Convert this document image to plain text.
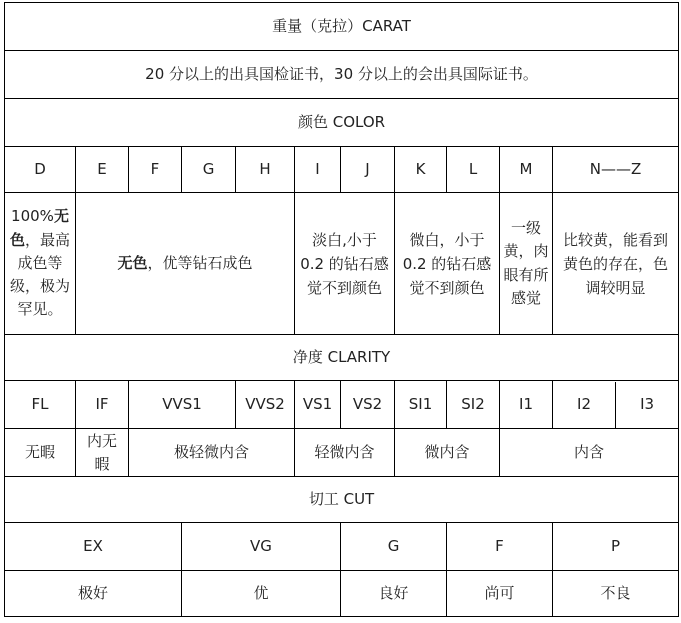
重量（克拉）CARAT										
20 分以上的出具国检证书，30 分以上的会出具国际证书。										
颜色 COLOR										
D	E	F	G	H	I	J	K	L	M	N——Z
100%无色，最高成色等级，极为罕见。	无色，优等钻石成色				淡白,小于 0.2 的钻石感觉不到颜色		微白，小于 0.2 的钻石感觉不到颜色		一级黄，肉眼有所感觉	比较黄，能看到黄色的存在，色调较明显
净度 CLARITY										
FL	IF	VVS1		VVS2	VS1	VS2	SI1	SI2	I1	I2 I3

无暇	内无暇	极轻微内含			轻微内含		微内含		内含	
切工 CUT										
EX			VG			G		F		P
极好			优			良好		尚可		不良
